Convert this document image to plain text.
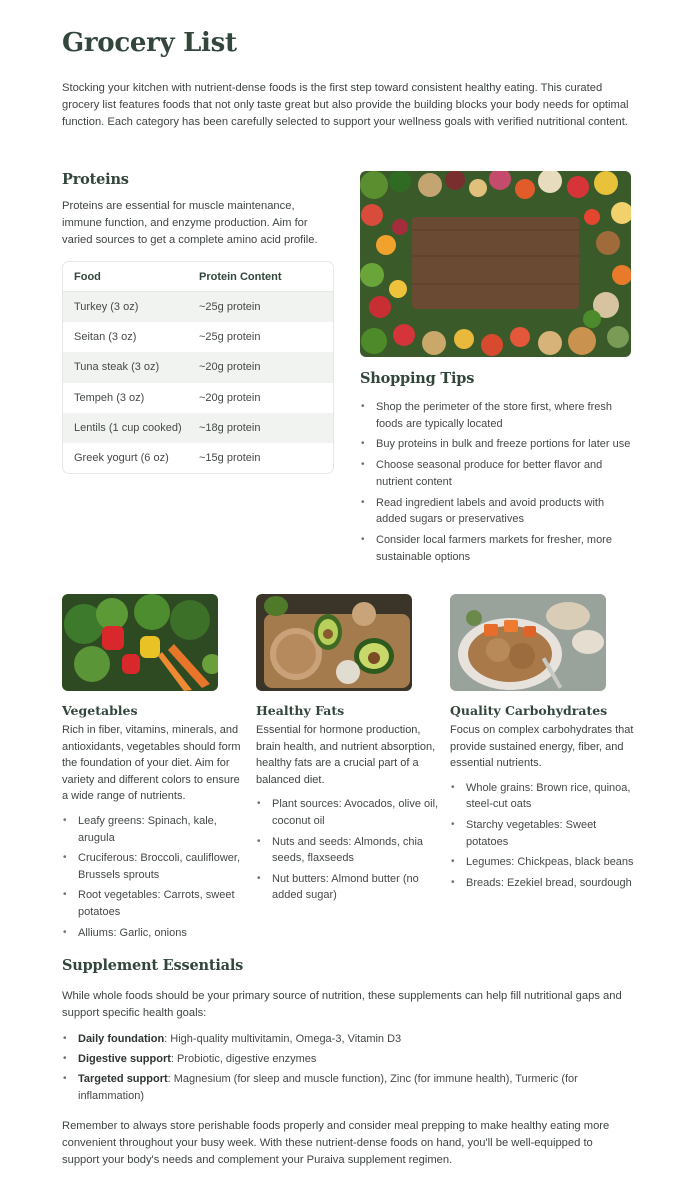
Grocery List

Stocking your kitchen with nutrient-dense foods is the first step toward consistent healthy eating. This curated grocery list features foods that not only taste great but also provide the building blocks your body needs for optimal function. Each category has been carefully selected to support your wellness goals with verified nutritional content.

Proteins

Proteins are essential for muscle maintenance, immune function, and enzyme production. Aim for varied sources to get a complete amino acid profile.

Food	Protein Content
Turkey (3 oz)	~25g protein
Seitan (3 oz)	~25g protein
Tuna steak (3 oz)	~20g protein
Tempeh (3 oz)	~20g protein
Lentils (1 cup cooked)	~18g protein
Greek yogurt (6 oz)	~15g protein
Shopping Tips
• Shop the perimeter of the store first, where fresh foods are typically located
• Buy proteins in bulk and freeze portions for later use
• Choose seasonal produce for better flavor and nutrient content
• Read ingredient labels and avoid products with added sugars or preservatives
• Consider local farmers markets for fresher, more sustainable options
Vegetables

Rich in fiber, vitamins, minerals, and antioxidants, vegetables should form the foundation of your diet. Aim for variety and different colors to ensure a wide range of nutrients.

• Leafy greens: Spinach, kale, arugula
• Cruciferous: Broccoli, cauliflower, Brussels sprouts
• Root vegetables: Carrots, sweet potatoes
• Alliums: Garlic, onions
Healthy Fats

Essential for hormone production, brain health, and nutrient absorption, healthy fats are a crucial part of a balanced diet.

• Plant sources: Avocados, olive oil, coconut oil
• Nuts and seeds: Almonds, chia seeds, flaxseeds
• Nut butters: Almond butter (no added sugar)
Quality Carbohydrates

Focus on complex carbohydrates that provide sustained energy, fiber, and essential nutrients.

• Whole grains: Brown rice, quinoa, steel-cut oats
• Starchy vegetables: Sweet potatoes
• Legumes: Chickpeas, black beans
• Breads: Ezekiel bread, sourdough
Supplement Essentials

While whole foods should be your primary source of nutrition, these supplements can help fill nutritional gaps and support specific health goals:

• Daily foundation: High-quality multivitamin, Omega-3, Vitamin D3
• Digestive support: Probiotic, digestive enzymes
• Targeted support: Magnesium (for sleep and muscle function), Zinc (for immune health), Turmeric (for inflammation)

Remember to always store perishable foods properly and consider meal prepping to make healthy eating more convenient throughout your busy week. With these nutrient-dense foods on hand, you'll be well-equipped to support your body's needs and complement your Puraiva supplement regimen.
